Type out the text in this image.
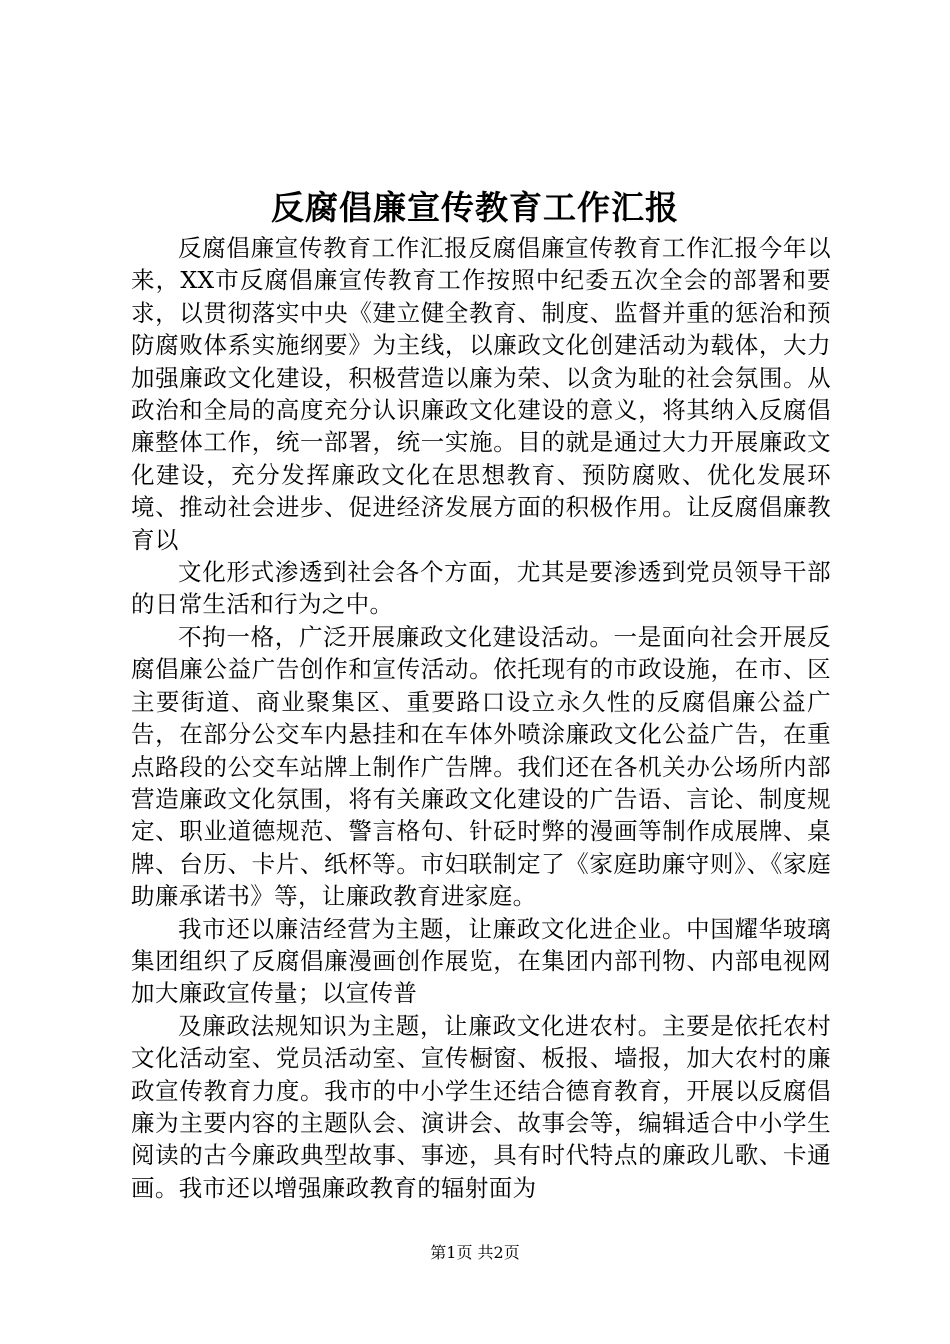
反腐倡廉宣传教育工作汇报

反腐倡廉宣传教育工作汇报反腐倡廉宣传教育工作汇报今年以来，XX市反腐倡廉宣传教育工作按照中纪委五次全会的部署和要求，以贯彻落实中央《建立健全教育、制度、监督并重的惩治和预防腐败体系实施纲要》为主线，以廉政文化创建活动为载体，大力加强廉政文化建设，积极营造以廉为荣、以贪为耻的社会氛围。从政治和全局的高度充分认识廉政文化建设的意义，将其纳入反腐倡廉整体工作，统一部署，统一实施。目的就是通过大力开展廉政文化建设，充分发挥廉政文化在思想教育、预防腐败、优化发展环境、推动社会进步、促进经济发展方面的积极作用。让反腐倡廉教育以

文化形式渗透到社会各个方面，尤其是要渗透到党员领导干部的日常生活和行为之中。

不拘一格，广泛开展廉政文化建设活动。一是面向社会开展反腐倡廉公益广告创作和宣传活动。依托现有的市政设施，在市、区主要街道、商业聚集区、重要路口设立永久性的反腐倡廉公益广告，在部分公交车内悬挂和在车体外喷涂廉政文化公益广告，在重点路段的公交车站牌上制作广告牌。我们还在各机关办公场所内部营造廉政文化氛围，将有关廉政文化建设的广告语、言论、制度规定、职业道德规范、警言格句、针砭时弊的漫画等制作成展牌、桌牌、台历、卡片、纸杯等。市妇联制定了《家庭助廉守则》、《家庭助廉承诺书》等，让廉政教育进家庭。

我市还以廉洁经营为主题，让廉政文化进企业。中国耀华玻璃集团组织了反腐倡廉漫画创作展览，在集团内部刊物、内部电视网加大廉政宣传量；以宣传普

及廉政法规知识为主题，让廉政文化进农村。主要是依托农村文化活动室、党员活动室、宣传橱窗、板报、墙报，加大农村的廉政宣传教育力度。我市的中小学生还结合德育教育，开展以反腐倡廉为主要内容的主题队会、演讲会、故事会等，编辑适合中小学生阅读的古今廉政典型故事、事迹，具有时代特点的廉政儿歌、卡通画。我市还以增强廉政教育的辐射面为

第1页 共2页
